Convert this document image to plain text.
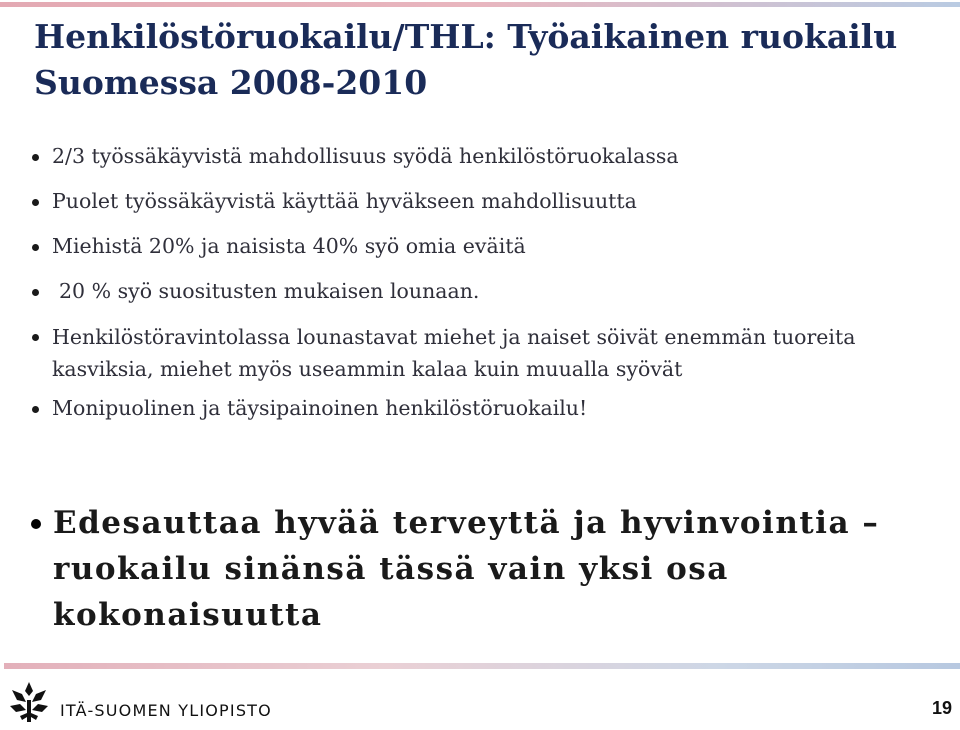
Henkilöstöruokailu/THL: Työaikainen ruokailu
Suomessa 2008-2010
2/3 työssäkäyvistä mahdollisuus syödä henkilöstöruokalassa
Puolet työssäkäyvistä käyttää hyväkseen mahdollisuutta
Miehistä 20% ja naisista 40% syö omia eväitä
20 % syö suositusten mukaisen lounaan.
Henkilöstöravintolassa lounastavat miehet ja naiset söivät enemmän tuoreita kasviksia, miehet myös useammin kalaa kuin muualla syövät
Monipuolinen ja täysipainoinen henkilöstöruokailu!
Edesauttaa hyvää terveyttä ja hyvinvointia –
ruokailu sinänsä tässä vain yksi osa kokonaisuutta
ITÄ-SUOMEN YLIOPISTO	19
